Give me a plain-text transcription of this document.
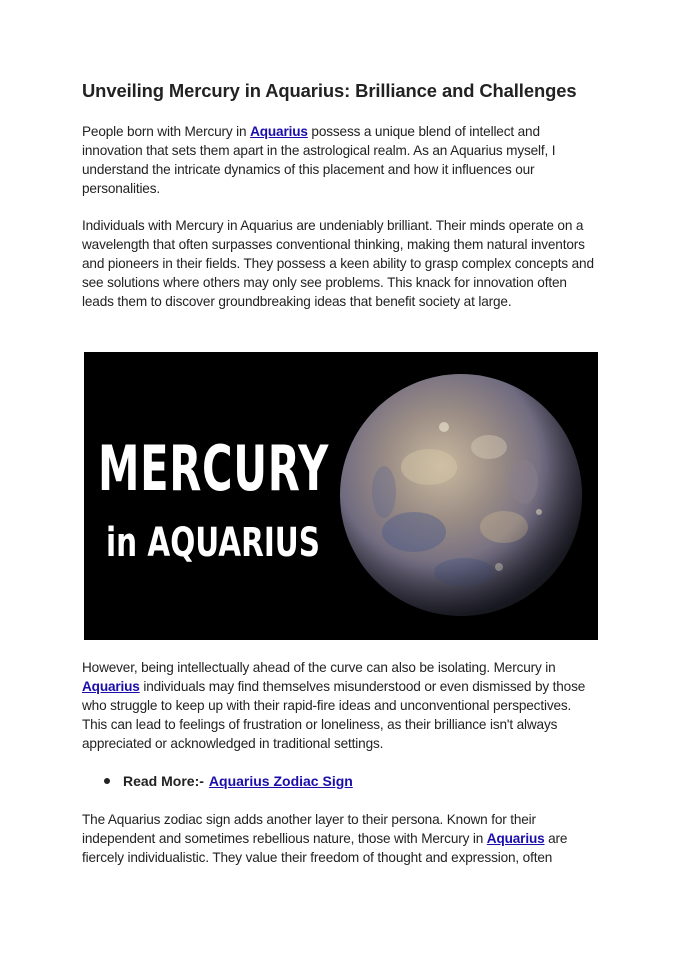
Unveiling Mercury in Aquarius: Brilliance and Challenges

People born with Mercury in Aquarius possess a unique blend of intellect and innovation that sets them apart in the astrological realm. As an Aquarius myself, I understand the intricate dynamics of this placement and how it influences our personalities.

Individuals with Mercury in Aquarius are undeniably brilliant. Their minds operate on a wavelength that often surpasses conventional thinking, making them natural inventors and pioneers in their fields. They possess a keen ability to grasp complex concepts and see solutions where others may only see problems. This knack for innovation often leads them to discover groundbreaking ideas that benefit society at large.

MERCURY
in AQUARIUS

However, being intellectually ahead of the curve can also be isolating. Mercury in Aquarius individuals may find themselves misunderstood or even dismissed by those who struggle to keep up with their rapid-fire ideas and unconventional perspectives. This can lead to feelings of frustration or loneliness, as their brilliance isn't always appreciated or acknowledged in traditional settings.

Read More:- Aquarius Zodiac Sign

The Aquarius zodiac sign adds another layer to their persona. Known for their independent and sometimes rebellious nature, those with Mercury in Aquarius are fiercely individualistic. They value their freedom of thought and expression, often
